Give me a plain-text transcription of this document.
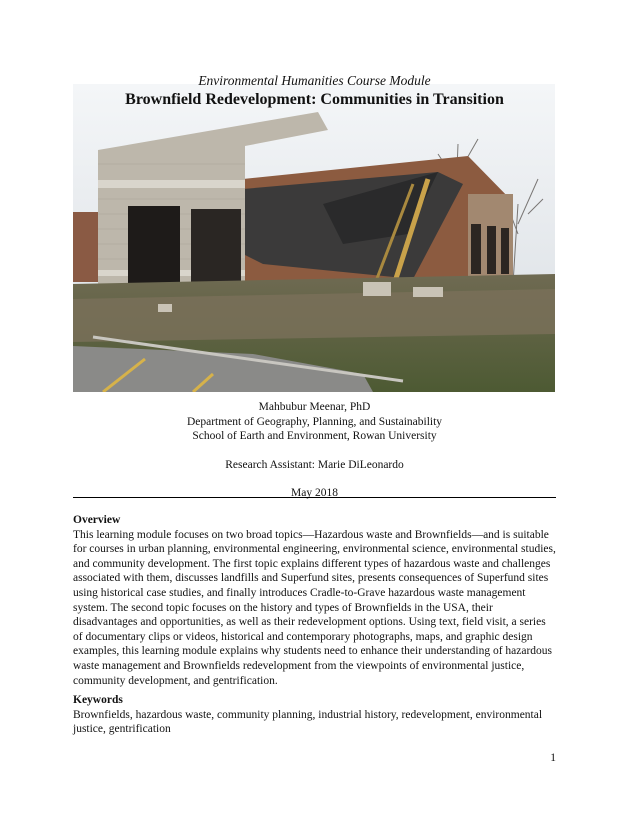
Environmental Humanities Course Module
Brownfield Redevelopment: Communities in Transition
Mahbubur Meenar, PhD
Department of Geography, Planning, and Sustainability
School of Earth and Environment, Rowan University
Research Assistant: Marie DiLeonardo
May 2018
Overview

This learning module focuses on two broad topics—Hazardous waste and Brownfields—and is suitable for courses in urban planning, environmental engineering, environmental science, environmental studies, and community development. The first topic explains different types of hazardous waste and challenges associated with them, discusses landfills and Superfund sites, presents consequences of Superfund sites using historical case studies, and finally introduces Cradle-to-Grave hazardous waste management system. The second topic focuses on the history and types of Brownfields in the USA, their disadvantages and opportunities, as well as their redevelopment options. Using text, field visit, a series of documentary clips or videos, historical and contemporary photographs, maps, and graphic design examples, this learning module explains why students need to enhance their understanding of hazardous waste management and Brownfields redevelopment from the viewpoints of environmental justice, community development, and gentrification.

Keywords

Brownfields, hazardous waste, community planning, industrial history, redevelopment, environmental justice, gentrification

1
